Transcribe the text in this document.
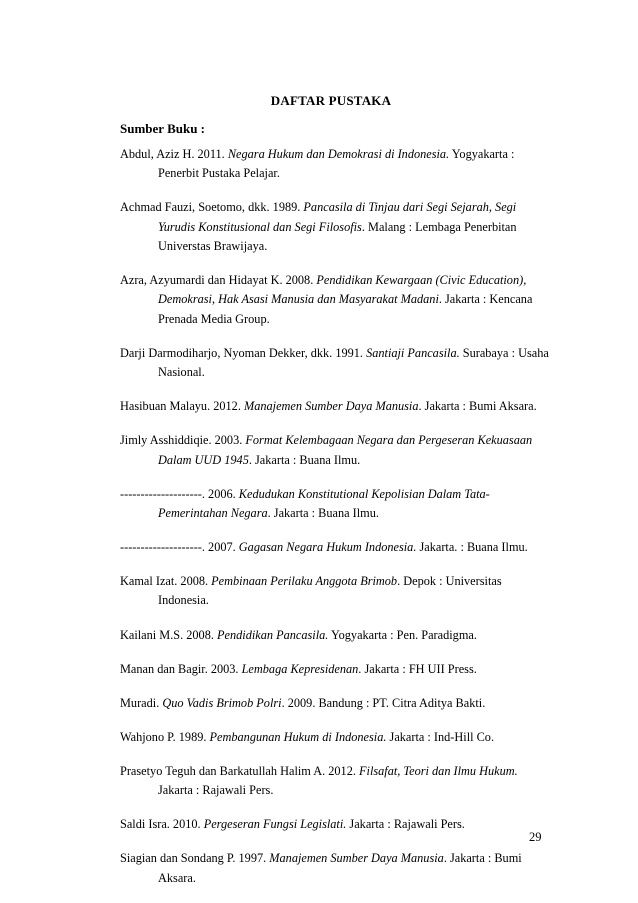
DAFTAR PUSTAKA
Sumber Buku :

Abdul, Aziz H. 2011. Negara Hukum dan Demokrasi di Indonesia. Yogyakarta : Penerbit Pustaka Pelajar.

Achmad Fauzi, Soetomo, dkk. 1989. Pancasila di Tinjau dari Segi Sejarah, Segi Yurudis Konstitusional dan Segi Filosofis. Malang : Lembaga Penerbitan Universtas Brawijaya.

Azra, Azyumardi dan Hidayat K. 2008. Pendidikan Kewargaan (Civic Education), Demokrasi, Hak Asasi Manusia dan Masyarakat Madani. Jakarta : Kencana Prenada Media Group.

Darji Darmodiharjo, Nyoman Dekker, dkk. 1991. Santiaji Pancasila. Surabaya : Usaha Nasional.

Hasibuan Malayu. 2012. Manajemen Sumber Daya Manusia. Jakarta : Bumi Aksara.

Jimly Asshiddiqie. 2003. Format Kelembagaan Negara dan Pergeseran Kekuasaan Dalam UUD 1945. Jakarta : Buana Ilmu.

--------------------. 2006. Kedudukan Konstitutional Kepolisian Dalam Tata-Pemerintahan Negara. Jakarta : Buana Ilmu.

--------------------. 2007. Gagasan Negara Hukum Indonesia. Jakarta. : Buana Ilmu.

Kamal Izat. 2008. Pembinaan Perilaku Anggota Brimob. Depok : Universitas Indonesia.

Kailani M.S. 2008. Pendidikan Pancasila. Yogyakarta : Pen. Paradigma.

Manan dan Bagir. 2003. Lembaga Kepresidenan. Jakarta : FH UII Press.

Muradi. Quo Vadis Brimob Polri. 2009. Bandung : PT. Citra Aditya Bakti.

Wahjono P. 1989. Pembangunan Hukum di Indonesia. Jakarta : Ind-Hill Co.

Prasetyo Teguh dan Barkatullah Halim A. 2012. Filsafat, Teori dan Ilmu Hukum. Jakarta : Rajawali Pers.

Saldi Isra. 2010. Pergeseran Fungsi Legislati. Jakarta : Rajawali Pers.

Siagian dan Sondang P. 1997. Manajemen Sumber Daya Manusia. Jakarta : Bumi Aksara.

29
